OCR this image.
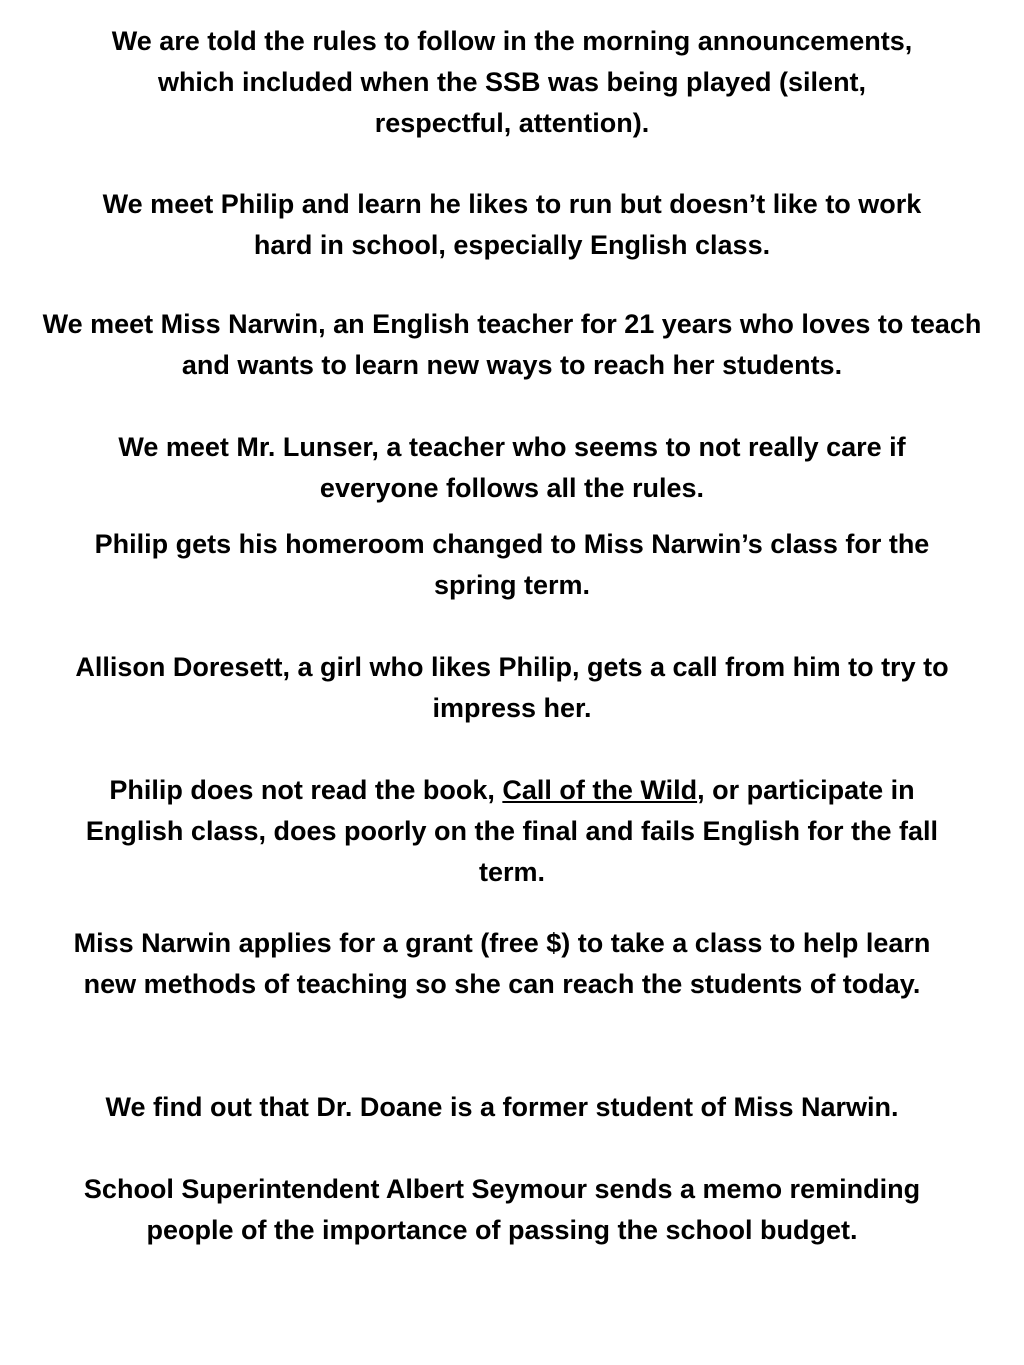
We are told the rules to follow in the morning announcements, which included when the SSB was being played (silent, respectful, attention).

We meet Philip and learn he likes to run but doesn’t like to work hard in school, especially English class.

We meet Miss Narwin, an English teacher for 21 years who loves to teach and wants to learn new ways to reach her students.

We meet Mr. Lunser, a teacher who seems to not really care if everyone follows all the rules.

Philip gets his homeroom changed to Miss Narwin’s class for the spring term.

Allison Doresett, a girl who likes Philip, gets a call from him to try to impress her.

Philip does not read the book, Call of the Wild, or participate in English class, does poorly on the final and fails English for the fall term.

Miss Narwin applies for a grant (free $) to take a class to help learn new methods of teaching so she can reach the students of today.

We find out that Dr. Doane is a former student of Miss Narwin.

School Superintendent Albert Seymour sends a memo reminding people of the importance of passing the school budget.
